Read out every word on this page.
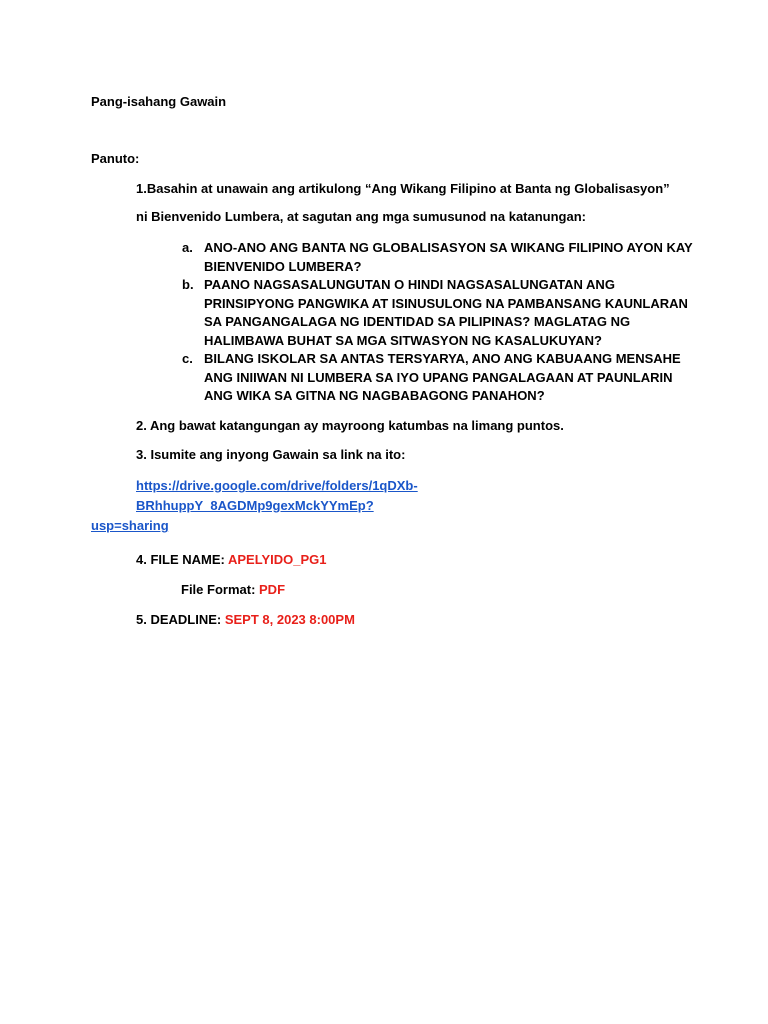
Pang-isahang Gawain
Panuto:
1.Basahin at unawain ang artikulong “Ang Wikang Filipino at Banta ng Globalisasyon”
ni Bienvenido Lumbera, at sagutan ang mga sumusunod na katanungan:
a. ANO-ANO ANG BANTA NG GLOBALISASYON SA WIKANG FILIPINO AYON KAY BIENVENIDO LUMBERA?
b. PAANO NAGSASALUNGUTAN O HINDI NAGSASALUNGATAN ANG PRINSIPYONG PANGWIKA AT ISINUSULONG NA PAMBANSANG KAUNLARAN SA PANGANGALAGA NG IDENTIDAD SA PILIPINAS? MAGLATAG NG HALIMBAWA BUHAT SA MGA SITWASYON NG KASALUKUYAN?
c. BILANG ISKOLAR SA ANTAS TERSYARYA, ANO ANG KABUAANG MENSAHE ANG INIIWAN NI LUMBERA SA IYO UPANG PANGALAGAAN AT PAUNLARIN ANG WIKA SA GITNA NG NAGBABAGONG PANAHON?
2. Ang bawat katangungan ay mayroong katumbas na limang puntos.
3. Isumite ang inyong Gawain sa link na ito:
https://drive.google.com/drive/folders/1qDXb-BRhhuppY_8AGDMp9gexMckYYmEp?
usp=sharing
4. FILE NAME: APELYIDO_PG1
File Format: PDF
5. DEADLINE: SEPT 8, 2023 8:00PM
